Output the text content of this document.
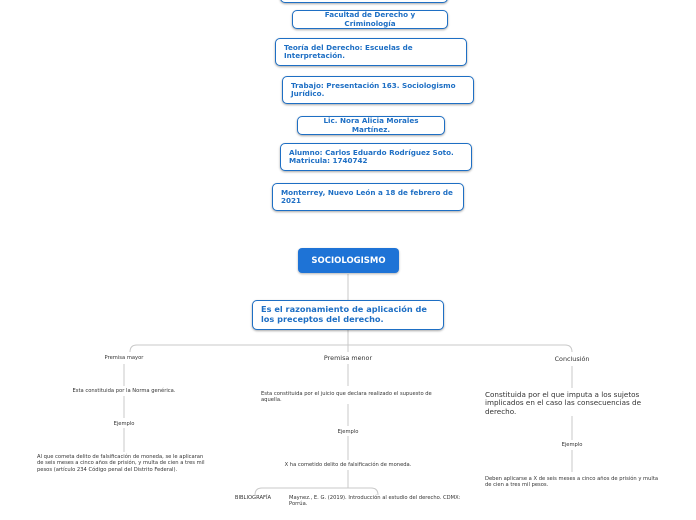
Facultad de Derecho y Criminología
Teoría del Derecho: Escuelas de Interpretación.
Trabajo: Presentación 163. Sociologismo Jurídico.
Lic. Nora Alicia Morales Martínez.
Alumno: Carlos Eduardo Rodríguez Soto. Matricula: 1740742
Monterrey, Nuevo León a 18 de febrero de 2021
SOCIOLOGISMO
Es el razonamiento de aplicación de los preceptos del derecho.
Premisa mayor
Esta constituida por la Norma genérica.
Ejemplo
Al que cometa delito de falsificación de moneda, se le aplicaran de seis meses a cinco años de prisión, y multa de cien a tres mil pesos (artículo 234 Código penal del Distrito Federal).
Premisa menor
Esta constituida por el juicio que declara realizado el supuesto de aquella.
Ejemplo
X ha cometido delito de falsificación de moneda.
Conclusión
Constituida por el que imputa a los sujetos implicados en el caso las consecuencias de derecho.
Ejemplo
Deben aplicarse a X de seis meses a cinco años de prisión y multa de cien a tres mil pesos.
BIBLIOGRAFÍA	Maynez., E. G. (2019). Introducción al estudio del derecho. CDMX: Porrúa.
